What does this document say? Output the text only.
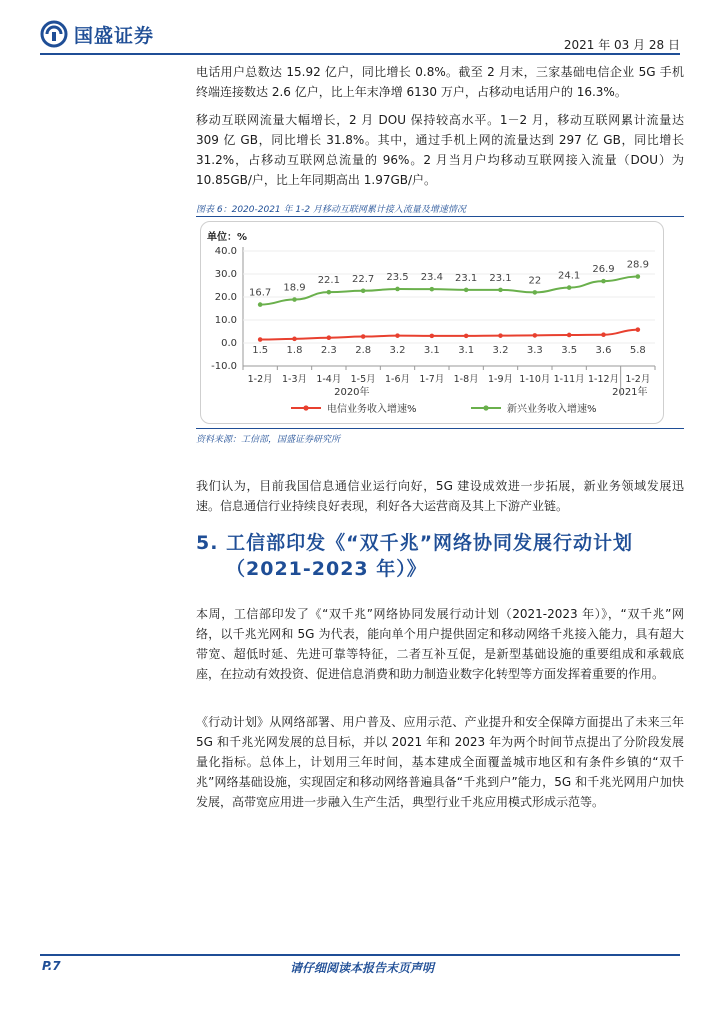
国盛证券	2021 年 03 月 28 日

电话用户总数达 15.92 亿户，同比增长 0.8%。截至 2 月末，三家基础电信企业 5G 手机终端连接数达 2.6 亿户，比上年末净增 6130 万户，占移动电话用户的 16.3%。

移动互联网流量大幅增长，2 月 DOU 保持较高水平。1－2 月，移动互联网累计流量达 309 亿 GB，同比增长 31.8%。其中，通过手机上网的流量达到 297 亿 GB，同比增长 31.2%，占移动互联网总流量的 96%。2 月当月户均移动互联网接入流量（DOU）为 10.85GB/户，比上年同期高出 1.97GB/户。

图表 6：2020-2021 年 1-2 月移动互联网累计接入流量及增速情况
单位：%
40.0
30.0
20.0
10.0
0.0
-10.0
1-2月 1-3月 1-4月 1-5月 1-6月 1-7月 1-8月 1-9月 1-10月 1-11月 1-12月 1-2月
2020年	2021年
1.5 1.8 2.3 2.8 3.2 3.1 3.1 3.2 3.3 3.5 3.6 5.8
16.7 18.9
22.1 22.7 23.5 23.4 23.1 23.1 22 24.1
26.9 28.9
电信业务收入增速%	新兴业务收入增速%
资料来源：工信部，国盛证券研究所

我们认为，目前我国信息通信业运行向好，5G 建设成效进一步拓展，新业务领域发展迅速。信息通信行业持续良好表现，利好各大运营商及其上下游产业链。

5. 工信部印发《“双千兆”网络协同发展行动计划
（2021-2023 年）》

本周，工信部印发了《“双千兆”网络协同发展行动计划（2021-2023 年）》，“双千兆”网络，以千兆光网和 5G 为代表，能向单个用户提供固定和移动网络千兆接入能力，具有超大带宽、超低时延、先进可靠等特征，二者互补互促，是新型基础设施的重要组成和承载底座，在拉动有效投资、促进信息消费和助力制造业数字化转型等方面发挥着重要的作用。

《行动计划》从网络部署、用户普及、应用示范、产业提升和安全保障方面提出了未来三年 5G 和千兆光网发展的总目标，并以 2021 年和 2023 年为两个时间节点提出了分阶段发展量化指标。总体上，计划用三年时间，基本建成全面覆盖城市地区和有条件乡镇的“双千兆”网络基础设施，实现固定和移动网络普遍具备“千兆到户”能力，5G 和千兆光网用户加快发展，高带宽应用进一步融入生产生活，典型行业千兆应用模式形成示范等。

P.7	请仔细阅读本报告末页声明
